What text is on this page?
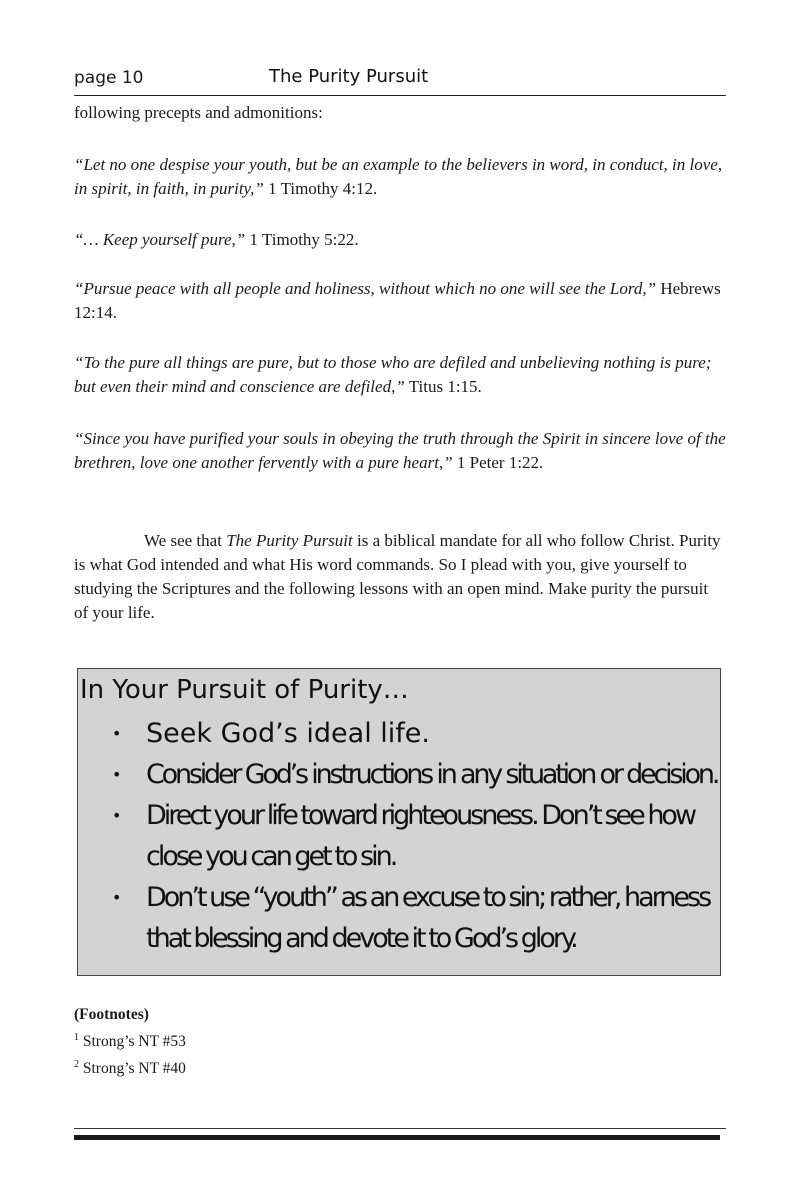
page 10	The Purity Pursuit

following precepts and admonitions:

“Let no one despise your youth, but be an example to the believers in word, in conduct, in love, in spirit, in faith, in purity,” 1 Timothy 4:12.

“… Keep yourself pure,” 1 Timothy 5:22.

“Pursue peace with all people and holiness, without which no one will see the Lord,” Hebrews 12:14.

“To the pure all things are pure, but to those who are defiled and unbelieving nothing is pure; but even their mind and conscience are defiled,” Titus 1:15.

“Since you have purified your souls in obeying the truth through the Spirit in sincere love of the brethren, love one another fervently with a pure heart,” 1 Peter 1:22.

We see that The Purity Pursuit is a biblical mandate for all who follow Christ. Purity is what God intended and what His word commands. So I plead with you, give yourself to studying the Scriptures and the following lessons with an open mind. Make purity the pursuit of your life.

In Your Pursuit of Purity…
• Seek God’s ideal life.
• Consider God’s instructions in any situation or decision.
• Direct your life toward righteousness. Don’t see how close you can get to sin.
• Don’t use “youth” as an excuse to sin; rather, harness that blessing and devote it to God’s glory.
(Footnotes)
$^1$ Strong’s NT #53
$^2$ Strong’s NT #40
